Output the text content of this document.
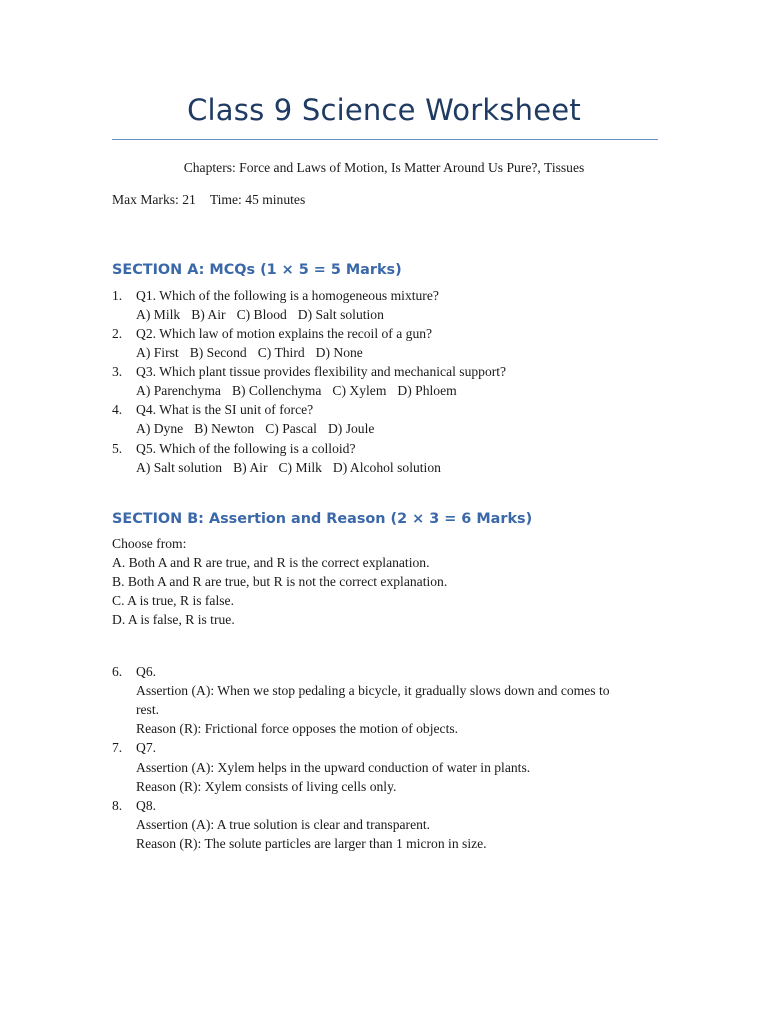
Class 9 Science Worksheet
Chapters: Force and Laws of Motion, Is Matter Around Us Pure?, Tissues
Max Marks: 21 Time: 45 minutes
SECTION A: MCQs (1 × 5 = 5 Marks)
1. Q1. Which of the following is a homogeneous mixture?
A) Milk B) Air C) Blood D) Salt solution
2. Q2. Which law of motion explains the recoil of a gun?
A) First B) Second C) Third D) None
3. Q3. Which plant tissue provides flexibility and mechanical support?
A) Parenchyma B) Collenchyma C) Xylem D) Phloem
4. Q4. What is the SI unit of force?
A) Dyne B) Newton C) Pascal D) Joule
5. Q5. Which of the following is a colloid?
A) Salt solution B) Air C) Milk D) Alcohol solution
SECTION B: Assertion and Reason (2 × 3 = 6 Marks)
Choose from:
A. Both A and R are true, and R is the correct explanation.
B. Both A and R are true, but R is not the correct explanation.
C. A is true, R is false.
D. A is false, R is true.
6. Q6.
Assertion (A): When we stop pedaling a bicycle, it gradually slows down and comes to
rest.
Reason (R): Frictional force opposes the motion of objects.
7. Q7.
Assertion (A): Xylem helps in the upward conduction of water in plants.
Reason (R): Xylem consists of living cells only.
8. Q8.
Assertion (A): A true solution is clear and transparent.
Reason (R): The solute particles are larger than 1 micron in size.
